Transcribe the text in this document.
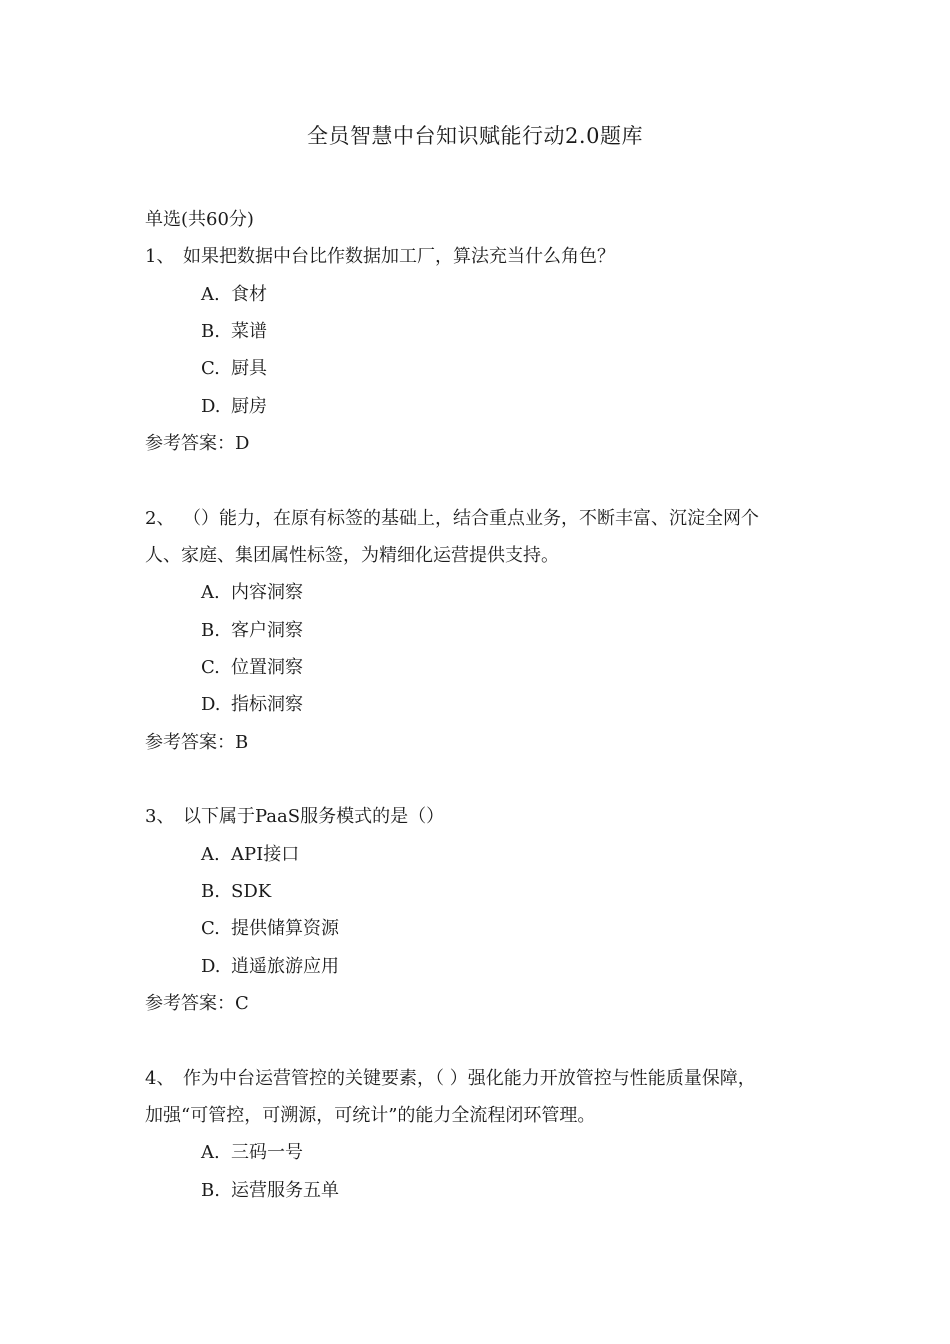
全员智慧中台知识赋能行动2.0题库
单选(共60分)
1、 如果把数据中台比作数据加工厂，算法充当什么角色？
A. 食材
B. 菜谱
C. 厨具
D. 厨房
参考答案：D
2、 （）能力，在原有标签的基础上，结合重点业务，不断丰富、沉淀全网个
人、家庭、集团属性标签，为精细化运营提供支持。
A. 内容洞察
B. 客户洞察
C. 位置洞察
D. 指标洞察
参考答案：B
3、 以下属于PaaS服务模式的是（）
A. API接口
B. SDK
C. 提供储算资源
D. 逍遥旅游应用
参考答案：C
4、 作为中台运营管控的关键要素，（ ）强化能力开放管控与性能质量保障，
加强“可管控，可溯源，可统计”的能力全流程闭环管理。
A. 三码一号
B. 运营服务五单
